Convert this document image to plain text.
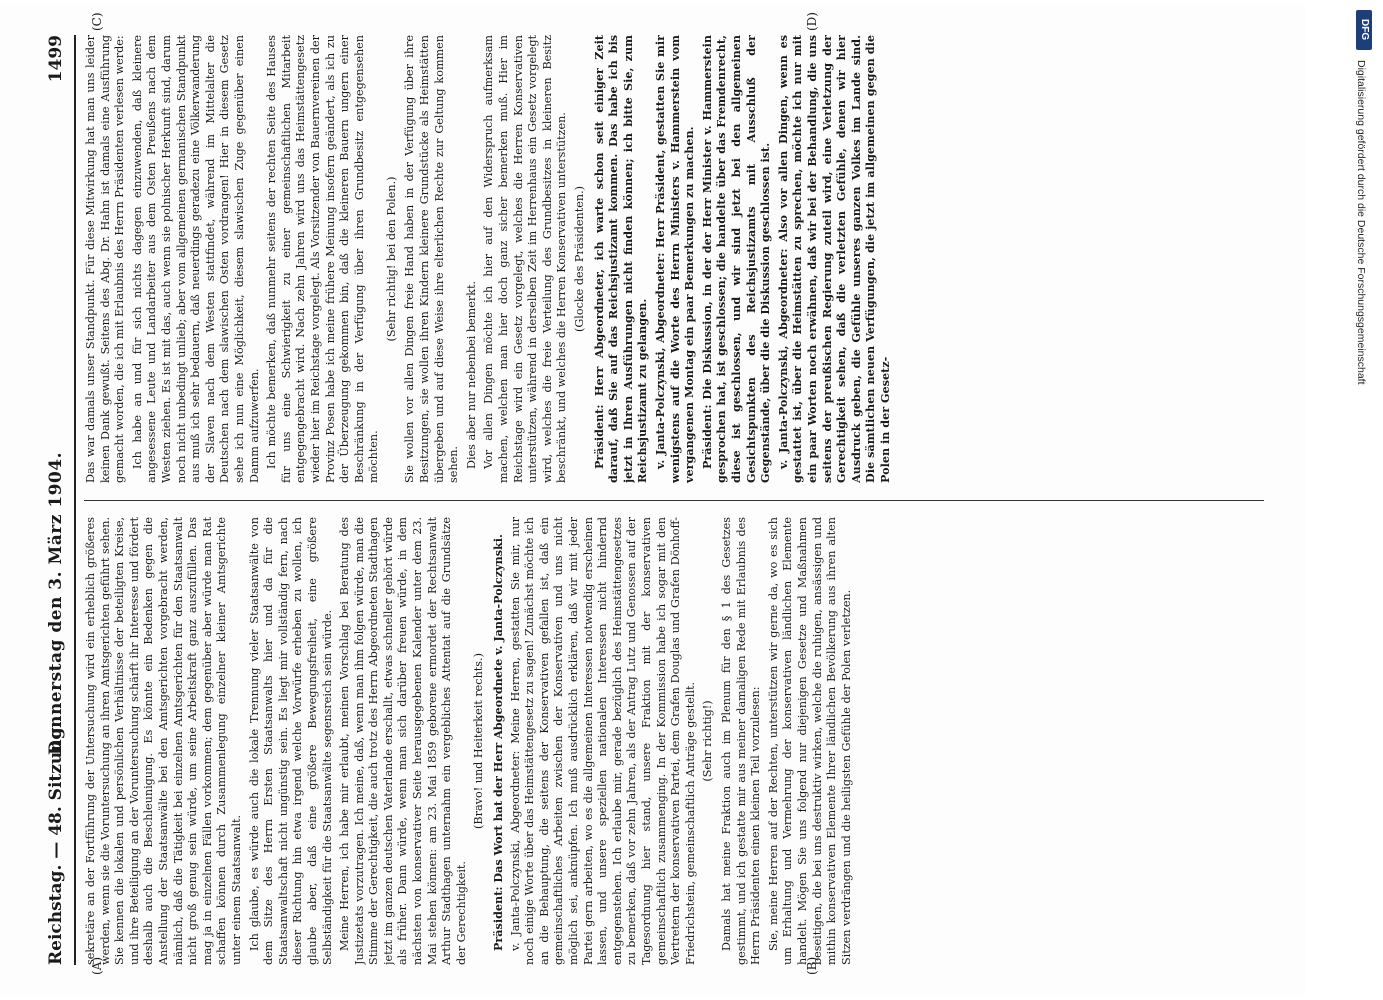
Reichstag. — 48. Sitzung.
Donnerstag den 3. März 1904.
1499
(A)	(B)
(C)	(D)

sekretäre an der Fortführung der Untersuchung wird ein erheblich größeres werden, wenn sie die Voruntersuchung an ihren Amtsgerichten geführt sehen. Sie kennen die lokalen und persönlichen Verhältnisse der beteiligten Kreise, und ihre Beteiligung an der Voruntersuchung schärft ihr Interesse und fördert deshalb auch die Beschleunigung. Es könnte ein Bedenken gegen die Anstellung der Staatsanwälte bei den Amtsgerichten vorgebracht werden, nämlich, daß die Tätigkeit bei einzelnen Amtsgerichten für den Staatsanwalt nicht groß genug sein würde, um seine Arbeitskraft ganz auszufüllen. Das mag ja in einzelnen Fällen vorkommen; dem gegenüber aber würde man Rat schaffen können durch Zusammenlegung einzelner kleiner Amtsgerichte unter einem Staatsanwalt. Ich glaube, es würde auch die lokale Trennung vieler Staatsanwälte von dem Sitze des Herrn Ersten Staatsanwalts hier und da für die Staatsanwaltschaft nicht ungünstig sein. Es liegt mir vollständig fern, nach dieser Richtung hin etwa irgend welche Vorwürfe erheben zu wollen, ich glaube aber, daß eine größere Bewegungsfreiheit, eine größere Selbständigkeit für die Staatsanwälte segensreich sein würde. Meine Herren, ich habe mir erlaubt, meinen Vorschlag bei Beratung des Justizetats vorzutragen. Ich meine, daß, wenn man ihm folgen würde, man die Stimme der Gerechtigkeit, die auch trotz des Herrn Abgeordneten Stadthagen jetzt im ganzen deutschen Vaterlande erschallt, etwas schneller gehört würde als früher. Dann würde, wenn man sich darüber freuen würde, in dem nächsten von konservativer Seite herausgegebenen Kalender unter dem 23. Mai stehen können: am 23. Mai 1859 geborene ermordet der Rechtsanwalt Arthur Stadthagen unternahm ein vergebliches Attentat auf die Grundsätze der Gerechtigkeit.

(Bravo! und Heiterkeit rechts.) Präsident: Das Wort hat der Herr Abgeordnete v. Janta-Polczynski. v. Janta-Polczynski, Abgeordneter: Meine Herren, gestatten Sie mir, nur noch einige Worte über das Heimstättengesetz zu sagen! Zunächst möchte ich an die Behauptung, die seitens der Konservativen gefallen ist, daß ein gemeinschaftliches Arbeiten zwischen der Konservativen und uns nicht möglich sei, anknüpfen. Ich muß ausdrücklich erklären, daß wir mit jeder Partei gern arbeiten, wo es die allgemeinen Interessen notwendig erscheinen lassen, und unsere speziellen nationalen Interessen nicht hindernd entgegenstehen. Ich erlaube mir, gerade bezüglich des Heimstättengesetzes zu bemerken, daß vor zehn Jahren, als der Antrag Lutz und Genossen auf der Tagesordnung hier stand, unsere Fraktion mit der konservativen gemeinschaftlich zusammenging. In der Kommission habe ich sogar mit den Vertretern der konservativen Partei, dem Grafen Douglas und Grafen Dönhoff-Friedrichstein, gemeinschaftlich Anträge gestellt. (Sehr richtig!) Damals hat meine Fraktion auch im Plenum für den § 1 des Gesetzes gestimmt, und ich gestatte mir aus meiner damaligen Rede mit Erlaubnis des Herrn Präsidenten einen kleinen Teil vorzulesen: Sie, meine Herren auf der Rechten, unterstützen wir gerne da, wo es sich um Erhaltung und Vermehrung der konservativen ländlichen Elemente handelt. Mögen Sie uns folgend nur diejenigen Gesetze und Maßnahmen beseitigen, die bei uns destruktiv wirken, welche die ruhigen, ansässigen und mithin konservativen Elemente Ihrer ländlichen Bevölkerung aus ihren alten Sitzen verdrängen und die heiligsten Gefühle der Polen verletzen.

Das war damals unser Standpunkt. Für diese Mitwirkung hat man uns leider keinen Dank gewußt. Seitens des Abg. Dr. Hahn ist damals eine Ausführung gemacht worden, die ich mit Erlaubnis des Herrn Präsidenten verlesen werde: Ich habe an und für sich nichts dagegen einzuwenden, daß kleinere angesessene Leute und Landarbeiter aus dem Osten Preußens nach dem Westen ziehen. Es ist mit das, auch wenn sie polnischer Herkunft sind, darum noch nicht unbedingt unlieb; aber vom allgemeinen germanischen Standpunkt aus muß ich sehr bedauern, daß neuerdings geradezu eine Völkerwanderung der Slaven nach dem Westen stattfindet, während im Mittelalter die Deutschen nach dem slawischen Osten vordrangen! Hier in diesem Gesetz sehe ich nun eine Möglichkeit, diesem slawischen Zuge gegenüber einen Damm aufzuwerfen. Ich möchte bemerken, daß nunmehr seitens der rechten Seite des Hauses für uns eine Schwierigkeit zu einer gemeinschaftlichen Mitarbeit entgegengebracht wird. Nach zehn Jahren wird uns das Heimstättengesetz wieder hier im Reichstage vorgelegt. Als Vorsitzender von Bauernvereinen der Provinz Posen habe ich meine frühere Meinung insofern geändert, als ich zu der Überzeugung gekommen bin, daß die kleineren Bauern ungern einer Beschränkung in der Verfügung über ihren Grundbesitz entgegensehen möchten.

(Sehr richtig! bei den Polen.) Sie wollen vor allen Dingen freie Hand haben in der Verfügung über ihre Besitzungen, sie wollen ihren Kindern kleinere Grundstücke als Heimstätten übergeben und auf diese Weise ihre elterlichen Rechte zur Geltung kommen sehen. Dies aber nur nebenbei bemerkt. Vor allen Dingen möchte ich hier auf den Widerspruch aufmerksam machen, welchen man hier doch ganz sicher bemerken muß. Hier im Reichstage wird ein Gesetz vorgelegt, welches die Herren Konservativen unterstützen, während in derselben Zeit im Herrenhaus ein Gesetz vorgelegt wird, welches die freie Verteilung des Grundbesitzes in kleineren Besitz beschränkt, und welches die Herren Konservativen unterstützen. (Glocke des Präsidenten.) Präsident: Herr Abgeordneter, ich warte schon seit einiger Zeit darauf, daß Sie auf das Reichsjustizamt kommen. Das habe ich bis jetzt in Ihren Ausführungen nicht finden können; ich bitte Sie, zum Reichsjustizamt zu gelangen. v. Janta-Polczynski, Abgeordneter: Herr Präsident, gestatten Sie mir wenigstens auf die Worte des Herrn Ministers v. Hammerstein vom vergangenen Montag ein paar Bemerkungen zu machen. Präsident: Die Diskussion, in der der Herr Minister v. Hammerstein gesprochen hat, ist geschlossen; die handelte über das Fremdenrecht, diese ist geschlossen, und wir sind jetzt bei den allgemeinen Gesichtspunkten des Reichsjustizamts mit Ausschluß der Gegenstände, über die die Diskussion geschlossen ist. v. Janta-Polczynski, Abgeordneter: Also vor allen Dingen, wenn es gestattet ist, über die Heimstätten zu sprechen, möchte ich nur mit ein paar Worten noch erwähnen, daß wir bei der Behandlung, die uns seitens der preußischen Regierung zuteil wird, eine Verletzung der Gerechtigkeit sehen, daß die verletzten Gefühle, denen wir hier Ausdruck geben, die Gefühle unseres ganzen Volkes im Lande sind. Die sämtlichen neuen Verfügungen, die jetzt im allgemeinen gegen die Polen in der Gesetz-

DFG
Digitalisierung gefördert durch die Deutsche Forschungsgemeinschaft
